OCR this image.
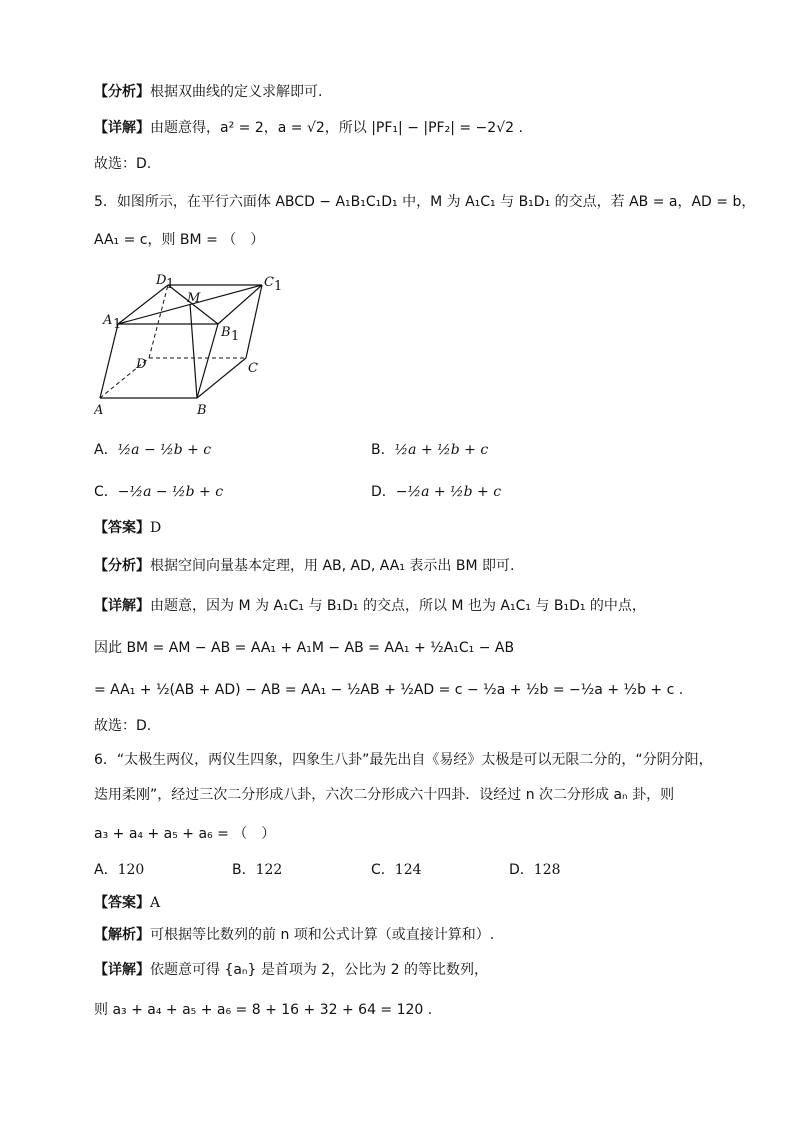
【分析】根据双曲线的定义求解即可.
【详解】由题意得，a² = 2，a = √2，所以 |PF₁| − |PF₂| = −2√2 .
故选：D.
5．如图所示，在平行六面体 ABCD − A₁B₁C₁D₁ 中，M 为 A₁C₁ 与 B₁D₁ 的交点，若 AB = a，AD = b，
AA₁ = c，则 BM = （　）
A	B
C
D
A 1
B 1
C 1
D 1
M
A．½a − ½b + c	B．½a + ½b + c
C．−½a − ½b + c	D．−½a + ½b + c
【答案】D
【分析】根据空间向量基本定理，用 AB, AD, AA₁ 表示出 BM 即可.
【详解】由题意，因为 M 为 A₁C₁ 与 B₁D₁ 的交点，所以 M 也为 A₁C₁ 与 B₁D₁ 的中点，
因此 BM = AM − AB = AA₁ + A₁M − AB = AA₁ + ½A₁C₁ − AB
= AA₁ + ½(AB + AD) − AB = AA₁ − ½AB + ½AD = c − ½a + ½b = −½a + ½b + c .
故选：D.
6．“太极生两仪，两仪生四象，四象生八卦”最先出自《易经》太极是可以无限二分的，“分阴分阳，
迭用柔刚”，经过三次二分形成八卦，六次二分形成六十四卦．设经过 n 次二分形成 aₙ 卦，则
a₃ + a₄ + a₅ + a₆ = （　）
A．120	B．122	C．124	D．128
【答案】A
【解析】可根据等比数列的前 n 项和公式计算（或直接计算和）.
【详解】依题意可得 {aₙ} 是首项为 2，公比为 2 的等比数列，
则 a₃ + a₄ + a₅ + a₆ = 8 + 16 + 32 + 64 = 120 .
